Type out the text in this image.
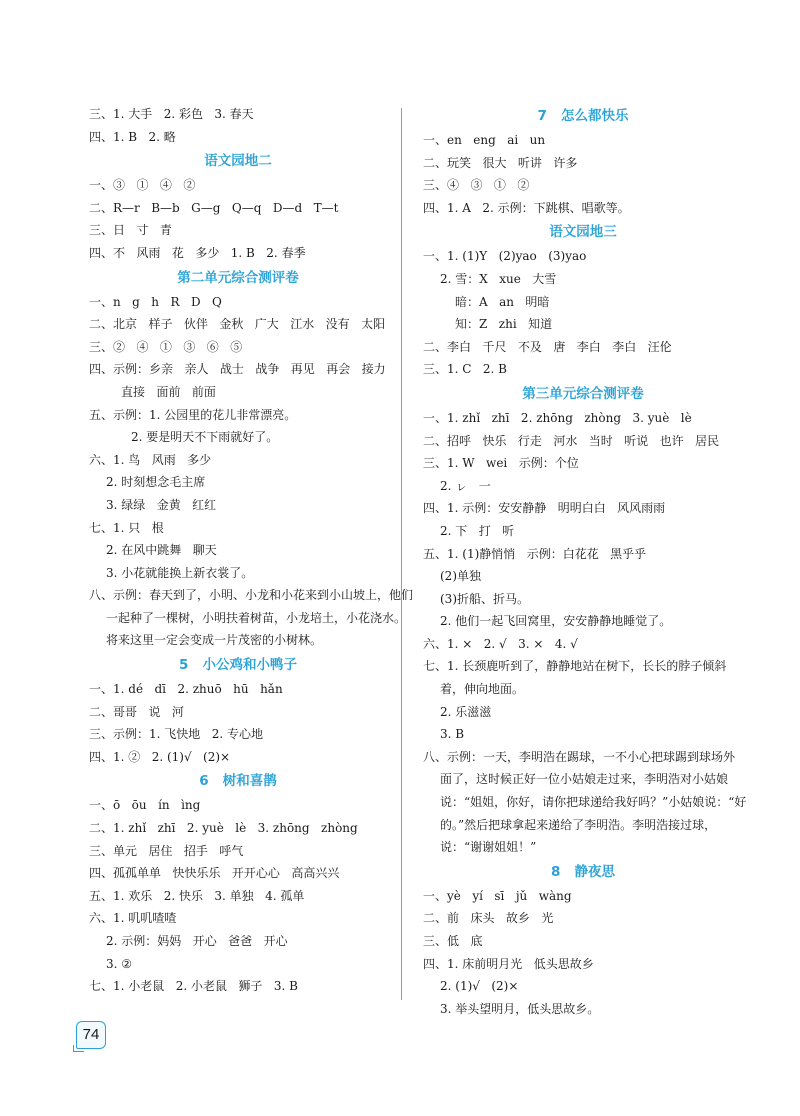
三、1. 大手   2. 彩色   3. 春天
四、1. B   2. 略
语文园地二
一、③   ①   ④   ②
二、R—r   B—b   G—g   Q—q   D—d   T—t
三、日   寸   青
四、不   风雨   花   多少   1. B   2. 春季
第二单元综合测评卷
一、n   g   h   R   D   Q
二、北京   样子   伙伴   金秋   广大   江水   没有   太阳
三、②   ④   ①   ③   ⑥   ⑤
四、示例：乡亲   亲人   战士   战争   再见   再会   接力
直接   面前   前面
五、示例：1. 公园里的花儿非常漂亮。
2. 要是明天不下雨就好了。
六、1. 鸟   风雨   多少
2. 时刻想念毛主席
3. 绿绿   金黄   红红
七、1. 只   根
2. 在风中跳舞   聊天
3. 小花就能换上新衣裳了。
八、示例：春天到了，小明、小龙和小花来到小山坡上，他们
一起种了一棵树，小明扶着树苗，小龙培土，小花浇水。
将来这里一定会变成一片茂密的小树林。
5   小公鸡和小鸭子
一、1. dé   dī   2. zhuō   hū   hǎn
二、哥哥   说   河
三、示例：1. 飞快地   2. 专心地
四、1. ②   2. (1)√   (2)×
6   树和喜鹊
一、ō   ōu   ín   ìng
二、1. zhǐ   zhī   2. yuè   lè   3. zhōng   zhòng
三、单元   居住   招手   呼气
四、孤孤单单   快快乐乐   开开心心   高高兴兴
五、1. 欢乐   2. 快乐   3. 单独   4. 孤单
六、1. 叽叽喳喳
2. 示例：妈妈   开心   爸爸   开心
3. ②
七、1. 小老鼠   2. 小老鼠   狮子   3. B
7   怎么都快乐
一、en   eng   ai   un
二、玩笑   很大   听讲   许多
三、④   ③   ①   ②
四、1. A   2. 示例：下跳棋、唱歌等。
语文园地三
一、1. (1)Y   (2)yao   (3)yao
2. 雪：X   xue   大雪
暗：A   an   明暗
知：Z   zhi   知道
二、李白   千尺   不及   唐   李白   李白   汪伦
三、1. C   2. B
第三单元综合测评卷
一、1. zhǐ   zhī   2. zhōng   zhòng   3. yuè   lè
二、招呼   快乐   行走   河水   当时   听说   也许   居民
三、1. W   wei   示例：个位
2. ㇾ   一
四、1. 示例：安安静静   明明白白   风风雨雨
2. 下   打   听
五、1. (1)静悄悄   示例：白花花   黑乎乎
(2)单独
(3)折船、折马。
2. 他们一起飞回窝里，安安静静地睡觉了。
六、1. ×   2. √   3. ×   4. √
七、1. 长颈鹿听到了，静静地站在树下，长长的脖子倾斜
着，伸向地面。
2. 乐滋滋
3. B
八、示例：一天，李明浩在踢球，一不小心把球踢到球场外
面了，这时候正好一位小姑娘走过来，李明浩对小姑娘
说：“姐姐，你好，请你把球递给我好吗？”小姑娘说：“好
的。”然后把球拿起来递给了李明浩。李明浩接过球，
说：“谢谢姐姐！”
8   静夜思
一、yè   yí   sī   jǔ   wàng
二、前   床头   故乡   光
三、低   底
四、1. 床前明月光   低头思故乡
2. (1)√   (2)×
3. 举头望明月，低头思故乡。
74
